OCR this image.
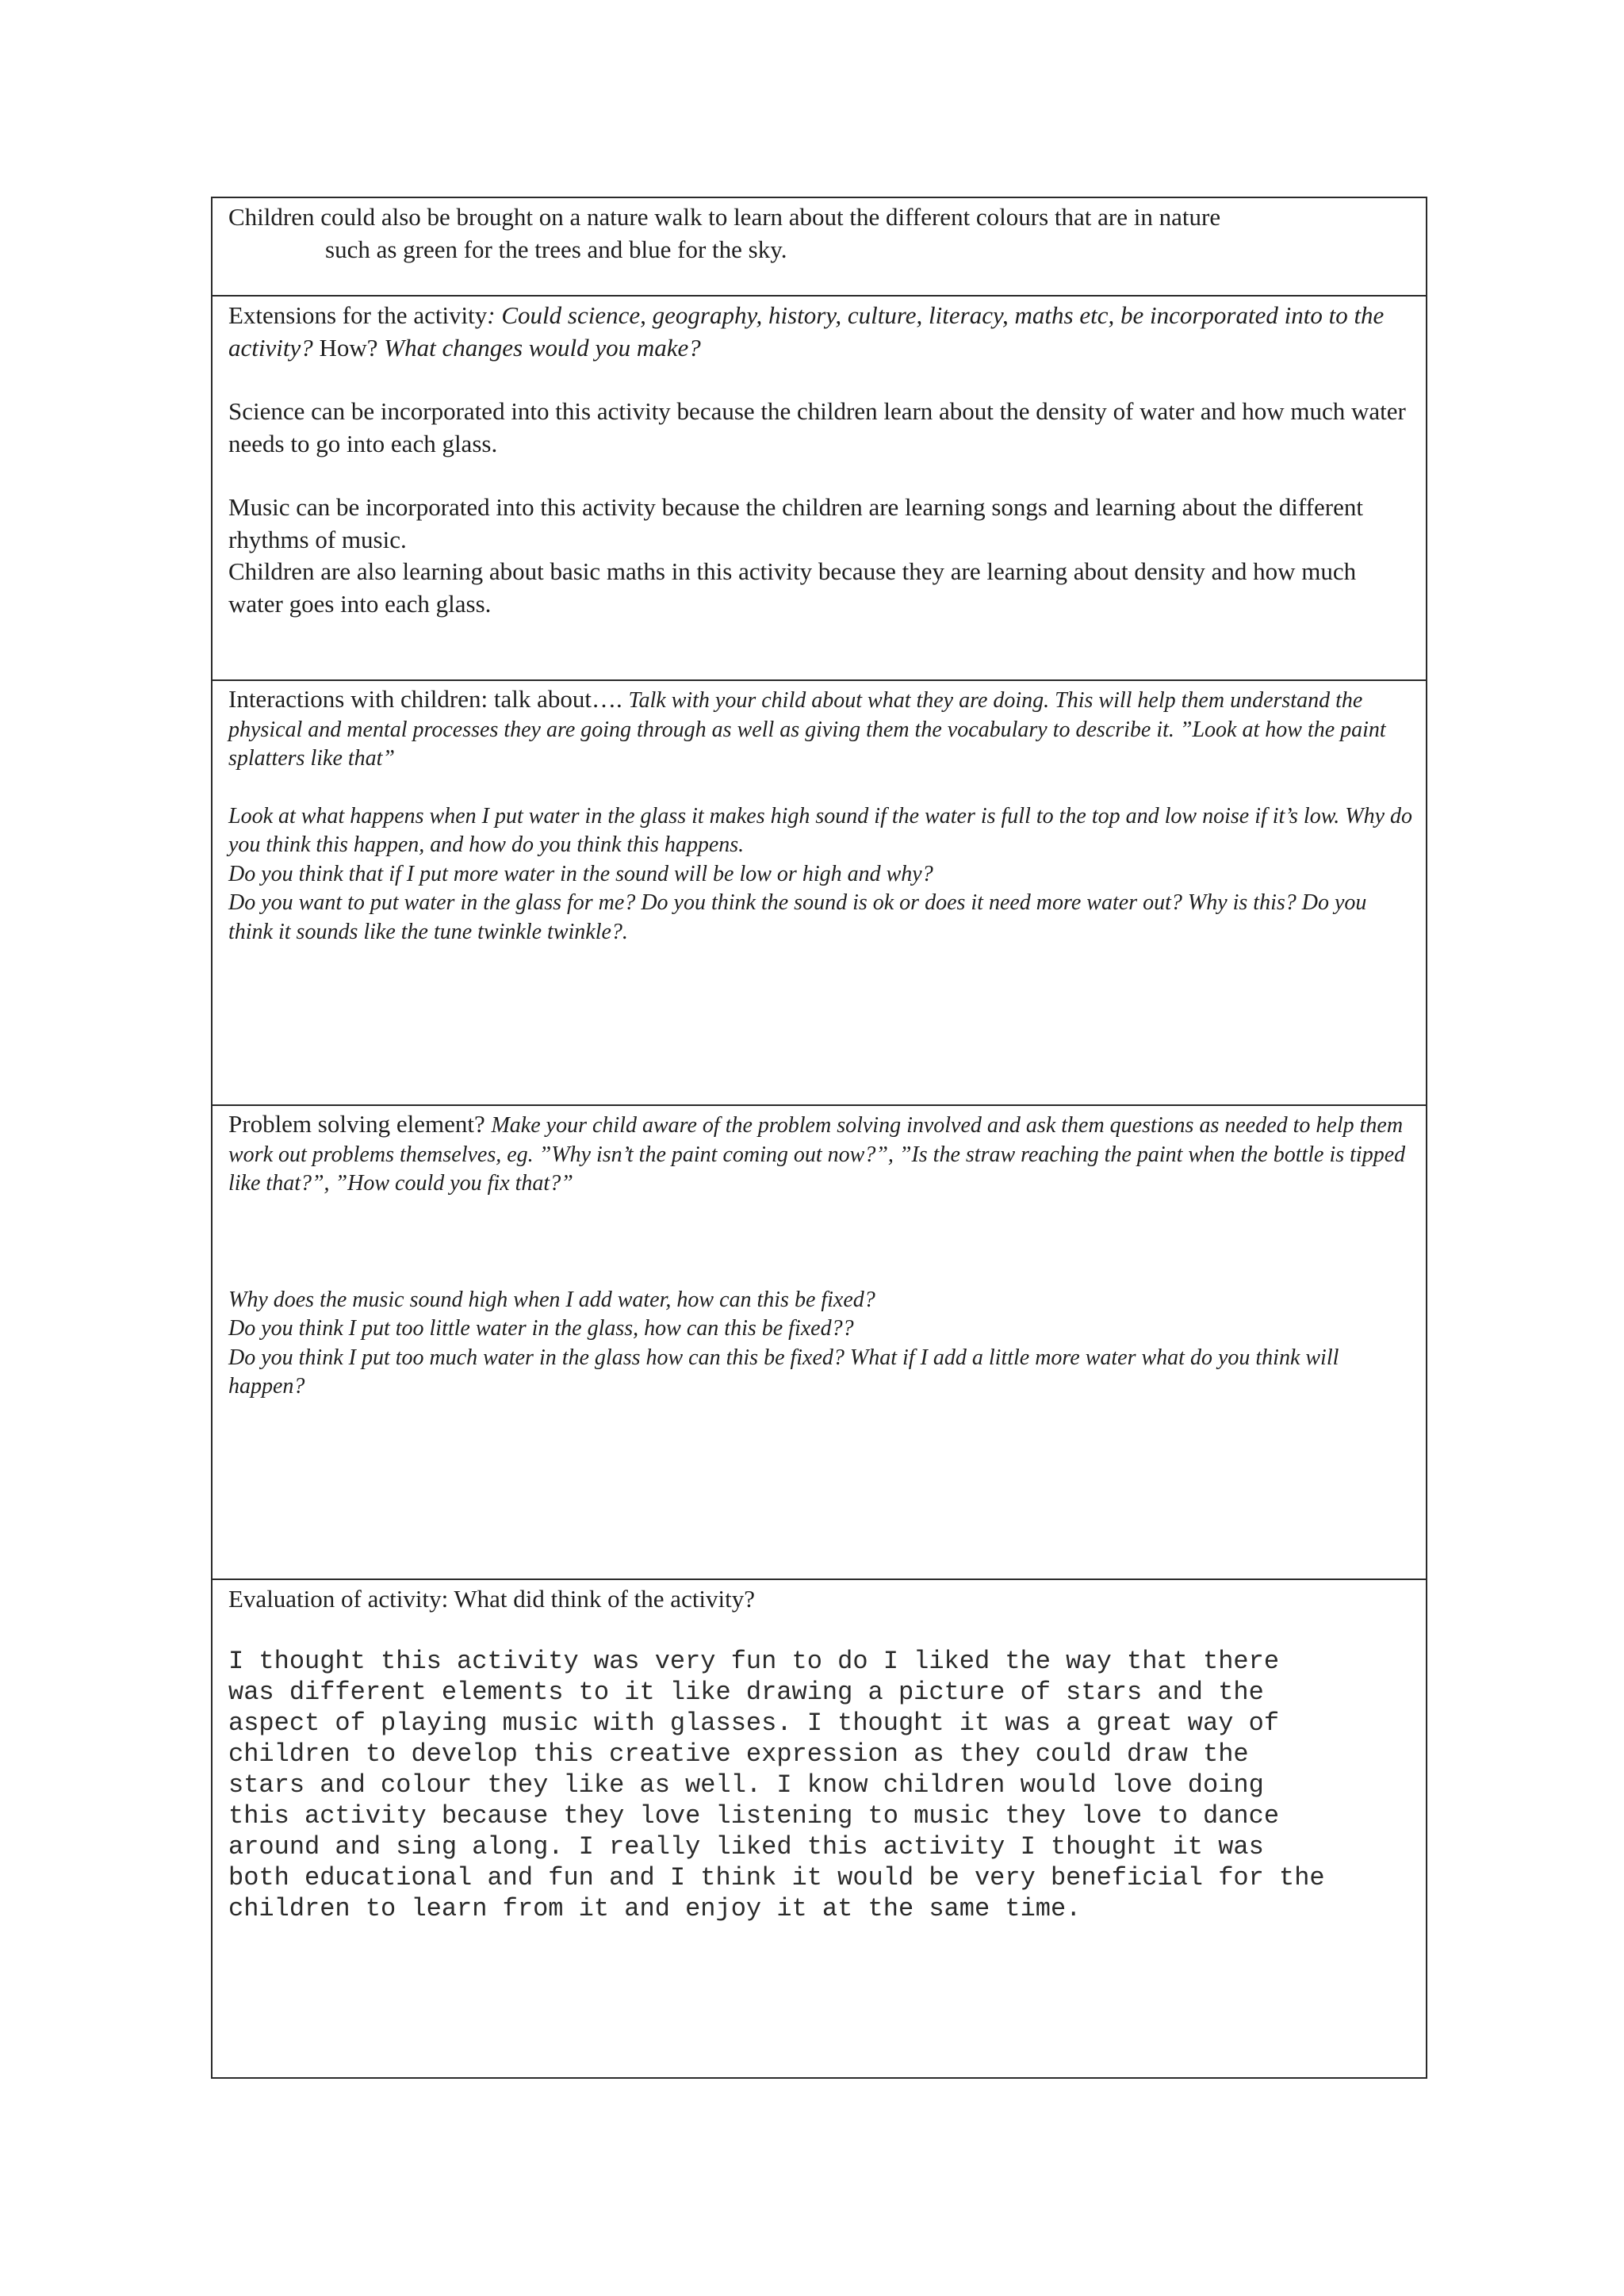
Children could also be brought on a nature walk to learn about the different colours that are in nature

such as green for the trees and blue for the sky.

Extensions for the activity: Could science, geography, history, culture, literacy, maths etc, be incorporated into to the activity? How? What changes would you make?

Science can be incorporated into this activity because the children learn about the density of water and how much water needs to go into each glass.

Music can be incorporated into this activity because the children are learning songs and learning about the different rhythms of music.

Children are also learning about basic maths in this activity because they are learning about density and how much water goes into each glass.

Interactions with children: talk about…. Talk with your child about what they are doing. This will help them understand the physical and mental processes they are going through as well as giving them the vocabulary to describe it. ”Look at how the paint splatters like that”

Look at what happens when I put water in the glass it makes high sound if the water is full to the top and low noise if it’s low. Why do you think this happen, and how do you think this happens.

Do you think that if I put more water in the sound will be low or high and why?

Do you want to put water in the glass for me? Do you think the sound is ok or does it need more water out? Why is this? Do you think it sounds like the tune twinkle twinkle?.

Problem solving element? Make your child aware of the problem solving involved and ask them questions as needed to help them work out problems themselves, eg. ”Why isn’t the paint coming out now?”, ”Is the straw reaching the paint when the bottle is tipped like that?”, ”How could you fix that?”

Why does the music sound high when I add water, how can this be fixed?

Do you think I put too little water in the glass, how can this be fixed??

Do you think I put too much water in the glass how can this be fixed? What if I add a little more water what do you think will happen?

Evaluation of activity: What did think of the activity?

I thought this activity was very fun to do I liked the way that there

was different elements to it like drawing a picture of stars and the

aspect of playing music with glasses. I thought it was a great way of

children to develop this creative expression as they could draw the

stars and colour they like as well. I know children would love doing

this activity because they love listening to music they love to dance

around and sing along. I really liked this activity I thought it was

both educational and fun and I think it would be very beneficial for the

children to learn from it and enjoy it at the same time.
